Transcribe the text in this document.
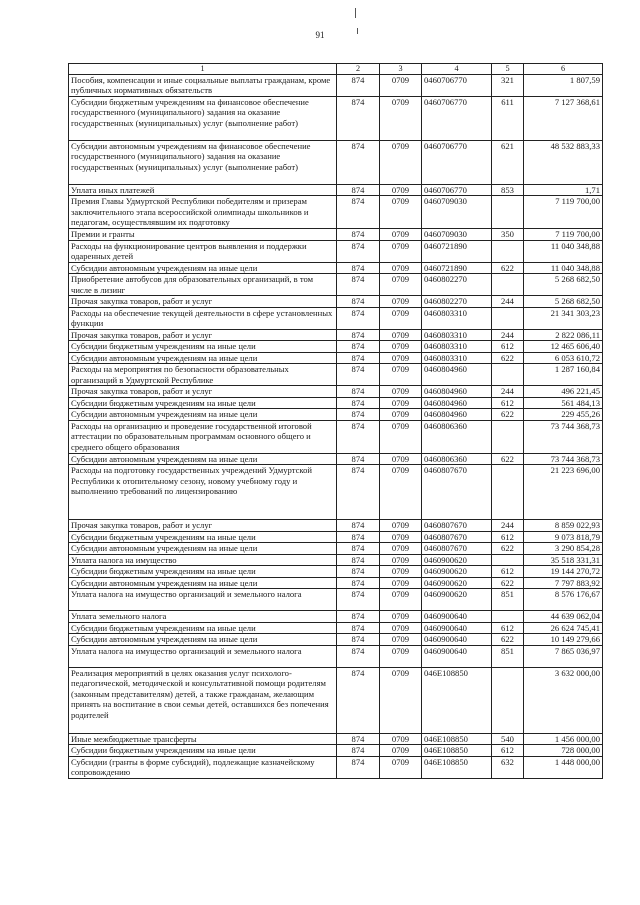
91
1	2	3	4	5	6
Пособия, компенсации и иные социальные выплаты гражданам, кроме публичных нормативных обязательств	874	0709	0460706770	321	1 807,59
Субсидии бюджетным учреждениям на финансовое обеспечение государственного (муниципального) задания на оказание государственных (муниципальных) услуг (выполнение работ)	874	0709	0460706770	611	7 127 368,61
Субсидии автономным учреждениям на финансовое обеспечение государственного (муниципального) задания на оказание государственных (муниципальных) услуг (выполнение работ)	874	0709	0460706770	621	48 532 883,33
Уплата иных платежей	874	0709	0460706770	853	1,71
Премия Главы Удмуртской Республики победителям и призерам заключительного этапа всероссийской олимпиады школьников и педагогам, осуществлявшим их подготовку	874	0709	0460709030		7 119 700,00
Премии и гранты	874	0709	0460709030	350	7 119 700,00
Расходы на функционирование центров выявления и поддержки одаренных детей	874	0709	0460721890		11 040 348,88
Субсидии автономным учреждениям на иные цели	874	0709	0460721890	622	11 040 348,88
Приобретение автобусов для образовательных организаций, в том числе в лизинг	874	0709	0460802270		5 268 682,50
Прочая закупка товаров, работ и услуг	874	0709	0460802270	244	5 268 682,50
Расходы на обеспечение текущей деятельности в сфере установленных функции	874	0709	0460803310		21 341 303,23
Прочая закупка товаров, работ и услуг	874	0709	0460803310	244	2 822 086,11
Субсидии бюджетным учреждениям на иные цели	874	0709	0460803310	612	12 465 606,40
Субсидии автономным учреждениям на иные цели	874	0709	0460803310	622	6 053 610,72
Расходы на мероприятия по безопасности образовательных организаций в Удмуртской Республике	874	0709	0460804960		1 287 160,84
Прочая закупка товаров, работ и услуг	874	0709	0460804960	244	496 221,45
Субсидии бюджетным учреждениям на иные цели	874	0709	0460804960	612	561 484,13
Субсидии автономным учреждениям на иные цели	874	0709	0460804960	622	229 455,26
Расходы на организацию и проведение государственной итоговой аттестации по образовательным программам основного общего и среднего общего образования	874	0709	0460806360		73 744 368,73
Субсидии автономным учреждениям на иные цели	874	0709	0460806360	622	73 744 368,73
Расходы на подготовку государственных учреждений Удмуртской Республики к отопительному сезону, новому учебному году и выполнению требований по лицензированию	874	0709	0460807670		21 223 696,00
Прочая закупка товаров, работ и услуг	874	0709	0460807670	244	8 859 022,93
Субсидии бюджетным учреждениям на иные цели	874	0709	0460807670	612	9 073 818,79
Субсидии автономным учреждениям на иные цели	874	0709	0460807670	622	3 290 854,28
Уплата налога на имущество	874	0709	0460900620		35 518 331,31
Субсидии бюджетным учреждениям на иные цели	874	0709	0460900620	612	19 144 270,72
Субсидии автономным учреждениям на иные цели	874	0709	0460900620	622	7 797 883,92
Уплата налога на имущество организаций и земельного налога	874	0709	0460900620	851	8 576 176,67
Уплата земельного налога	874	0709	0460900640		44 639 062,04
Субсидии бюджетным учреждениям на иные цели	874	0709	0460900640	612	26 624 745,41
Субсидии автономным учреждениям на иные цели	874	0709	0460900640	622	10 149 279,66
Уплата налога на имущество организаций и земельного налога	874	0709	0460900640	851	7 865 036,97
Реализация мероприятий в целях оказания услуг психолого-педагогической, методической и консультативной помощи родителям (законным представителям) детей, а также гражданам, желающим принять на воспитание в свои семьи детей, оставшихся без попечения родителей	874	0709	046E108850		3 632 000,00
Иные межбюджетные трансферты	874	0709	046E108850	540	1 456 000,00
Субсидии бюджетным учреждениям на иные цели	874	0709	046E108850	612	728 000,00
Субсидии (гранты в форме субсидий), подлежащие казначейскому сопровождению	874	0709	046E108850	632	1 448 000,00
